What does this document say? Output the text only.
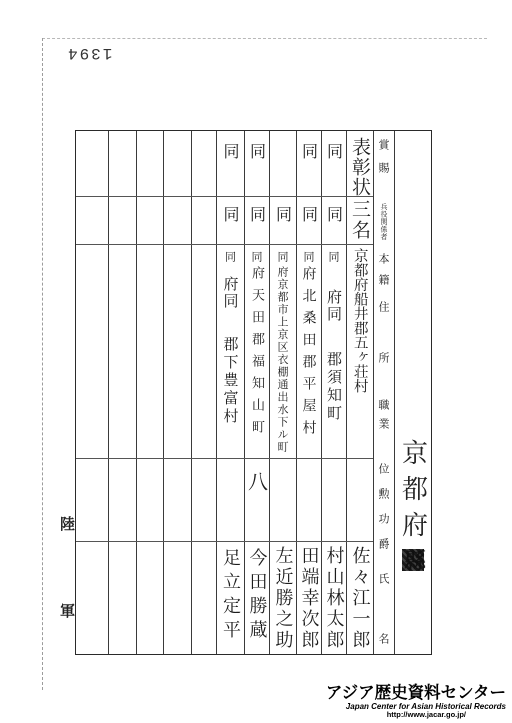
1394
陸
軍
賞賜
兵役関係者
本籍
住所
職業
位勲功爵
氏名
京都府
縣
表彰状
三名
京都府船井郡五ヶ荘村
佐々江一郎
同
同
同
府同
郡須知町
村山林太郎
同
同
同
府北桑田郡平屋村
田端幸次郎
同
同
府京都市上京区衣棚通出水下ル町
左近勝之助
同
同
同
府天田郡福知山町
八
今田勝蔵
同
同
同
府同
郡下豊富村
足立定平
アジア歴史資料センター
Japan Center for Asian Historical Records
http://www.jacar.go.jp/
